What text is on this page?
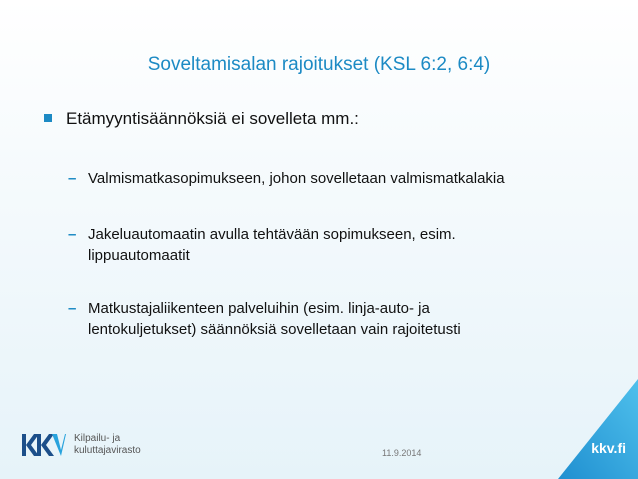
Soveltamisalan rajoitukset (KSL 6:2, 6:4)
Etämyyntisäännöksiä ei sovelleta mm.:
– Valmismatkasopimukseen, johon sovelletaan valmismatkalakia
– Jakeluautomaatin avulla tehtävään sopimukseen, esim.
lippuautomaatit
– Matkustajaliikenteen palveluihin (esim. linja-auto- ja
lentokuljetukset) säännöksiä sovelletaan vain rajoitetusti
Kilpailu- ja
kuluttajavirasto	11.9.2014	kkv.fi
